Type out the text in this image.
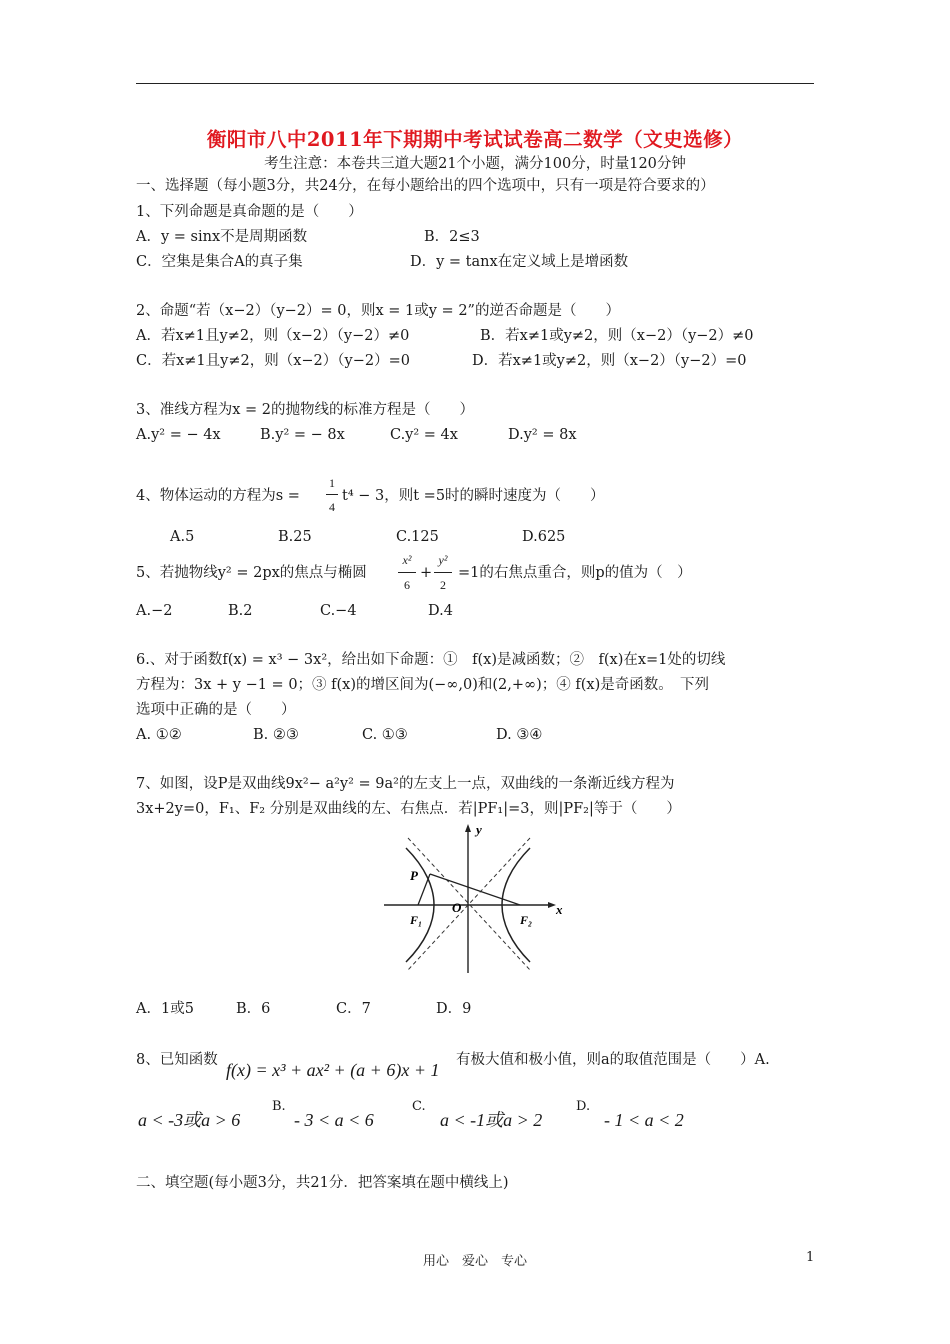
衡阳市八中2011年下期期中考试试卷高二数学（文史选修）
考生注意：本卷共三道大题21个小题，满分100分，时量120分钟
一、选择题（每小题3分，共24分，在每小题给出的四个选项中，只有一项是符合要求的）
1、下列命题是真命题的是（　　）
A．y = sinx不是周期函数	B．2≤3
C．空集是集合A的真子集	D．y = tanx在定义域上是增函数
2、命题“若（x−2）（y−2）= 0，则x = 1或y = 2”的逆否命题是（　　）
A．若x≠1且y≠2，则（x−2）（y−2）≠0	B．若x≠1或y≠2，则（x−2）（y−2）≠0
C．若x≠1且y≠2，则（x−2）（y−2）=0	D．若x≠1或y≠2，则（x−2）（y−2）=0
3、准线方程为x = 2的抛物线的标准方程是（　　）
A.y² = − 4x	B.y² = − 8x	C.y² = 4x	D.y² = 8x
4、物体运动的方程为s =
1
4
t⁴ − 3，则t =5时的瞬时速度为（　　）
A.5	B.25	C.125	D.625
5、若抛物线y² = 2px的焦点与椭圆
x²
6
+
y²
2
=1的右焦点重合，则p的值为（　）
A.−2	B.2	C.−4	D.4
6.、对于函数f(x) = x³ − 3x²，给出如下命题：①　f(x)是减函数；②　f(x)在x=1处的切线
方程为：3x + y −1 = 0；③ f(x)的增区间为(−∞,0)和(2,+∞)；④ f(x)是奇函数。　下列
选项中正确的是（　　）
A. ①②	B. ②③	C. ①③	D. ③④
7、如图，设P是双曲线9x²− a²y² = 9a²的左支上一点，双曲线的一条渐近线方程为
3x+2y=0，F₁、F₂ 分别是双曲线的左、右焦点．若|PF₁|=3，则|PF₂|等于（　　）
y
x
P
O
F₁	F₂
A．1或5	B．6	C．7	D．9
8、已知函数 f(x) = x³ + ax² + (a + 6)x + 1 有极大值和极小值，则a的取值范围是（　　）A.
a < -3或a > 6
B.
- 3 < a < 6
C.
a < -1或a > 2
D.
- 1 < a < 2
二、填空题(每小题3分，共21分．把答案填在题中横线上)
用心　爱心　专心	1
